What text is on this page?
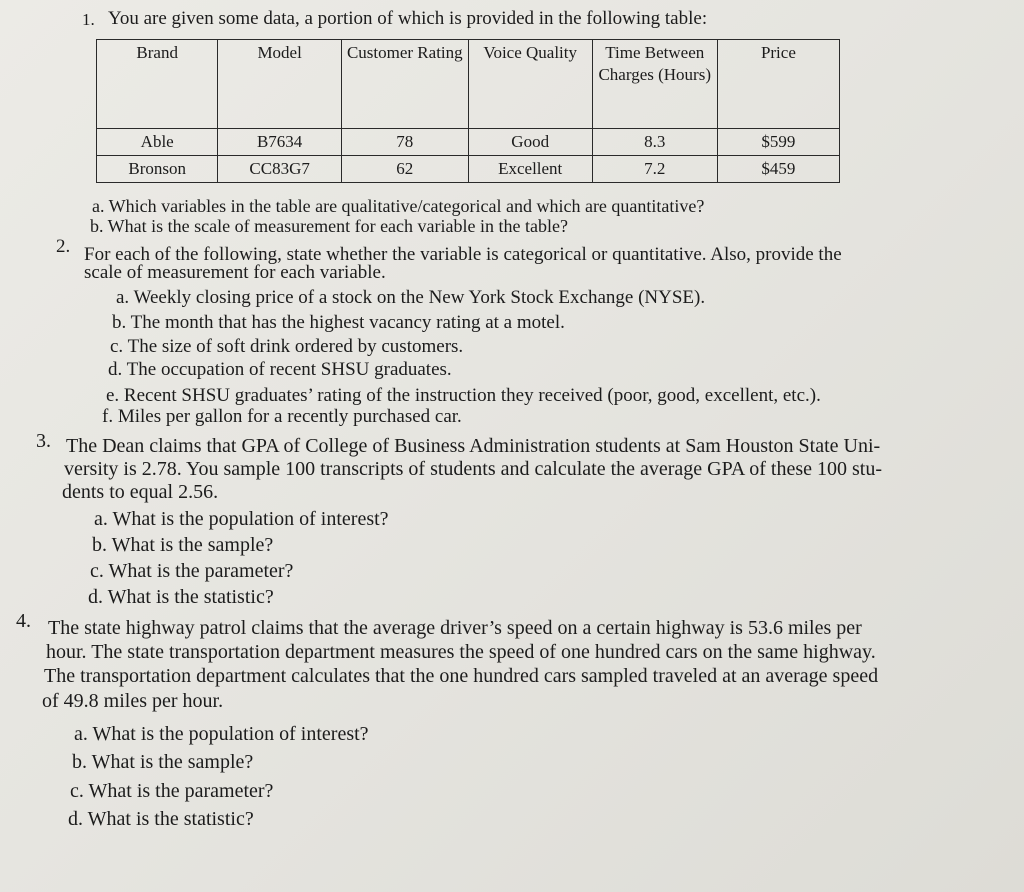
1. You are given some data, a portion of which is provided in the following table:
Brand	Model	Customer Rating	Voice Quality	Time Between Charges (Hours)	Price
Able	B7634	78	Good	8.3	$599
Bronson	CC83G7	62	Excellent	7.2	$459
a. Which variables in the table are qualitative/categorical and which are quantitative?
b. What is the scale of measurement for each variable in the table?
2. For each of the following, state whether the variable is categorical or quantitative. Also, provide the
scale of measurement for each variable.
a. Weekly closing price of a stock on the New York Stock Exchange (NYSE).
b. The month that has the highest vacancy rating at a motel.
c. The size of soft drink ordered by customers.
d. The occupation of recent SHSU graduates.
e. Recent SHSU graduates’ rating of the instruction they received (poor, good, excellent, etc.).
f. Miles per gallon for a recently purchased car.
3. The Dean claims that GPA of College of Business Administration students at Sam Houston State Uni-
versity is 2.78. You sample 100 transcripts of students and calculate the average GPA of these 100 stu-
dents to equal 2.56.
a. What is the population of interest?
b. What is the sample?
c. What is the parameter?
d. What is the statistic?
4. The state highway patrol claims that the average driver’s speed on a certain highway is 53.6 miles per
hour. The state transportation department measures the speed of one hundred cars on the same highway.
The transportation department calculates that the one hundred cars sampled traveled at an average speed
of 49.8 miles per hour.
a. What is the population of interest?
b. What is the sample?
c. What is the parameter?
d. What is the statistic?
